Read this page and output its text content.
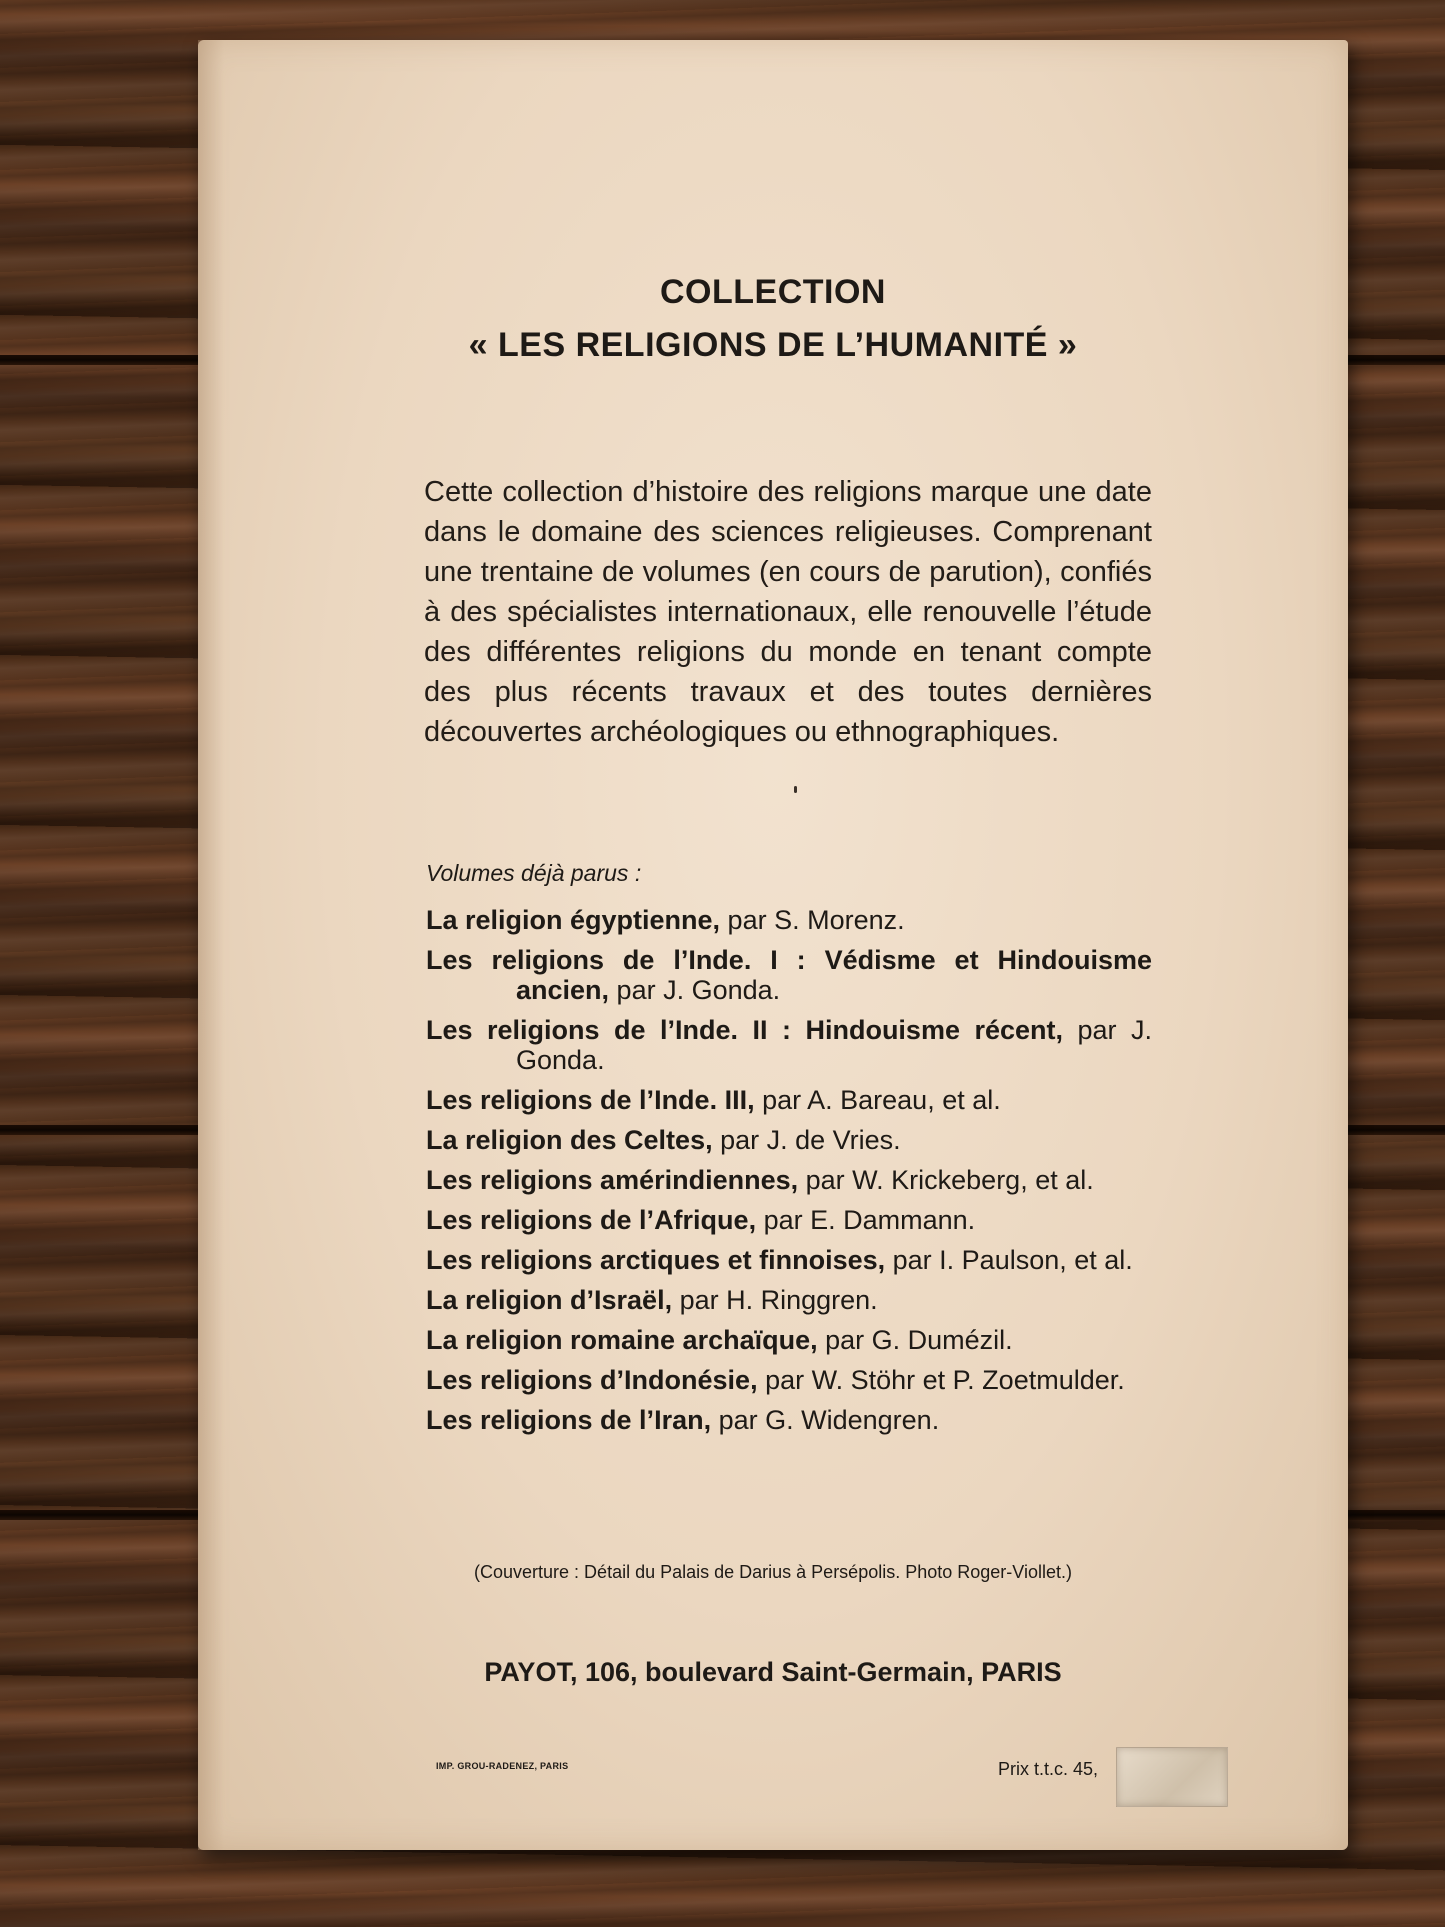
COLLECTION
« LES RELIGIONS DE L’HUMANITÉ »
Cette collection d’histoire des religions marque une date dans le domaine des sciences religieuses. Comprenant une trentaine de volumes (en cours de parution), confiés à des spécialistes internationaux, elle renouvelle l’étude des différentes religions du monde en tenant compte des plus récents travaux et des toutes dernières découvertes archéologiques ou ethnographiques.
Volumes déjà parus :
La religion égyptienne, par S. Morenz.
Les religions de l’Inde. I : Védisme et Hindouisme ancien, par J. Gonda.
Les religions de l’Inde. II : Hindouisme récent, par J. Gonda.
Les religions de l’Inde. III, par A. Bareau, et al.
La religion des Celtes, par J. de Vries.
Les religions amérindiennes, par W. Krickeberg, et al.
Les religions de l’Afrique, par E. Dammann.
Les religions arctiques et finnoises, par I. Paulson, et al.
La religion d’Israël, par H. Ringgren.
La religion romaine archaïque, par G. Dumézil.
Les religions d’Indonésie, par W. Stöhr et P. Zoetmulder.
Les religions de l’Iran, par G. Widengren.
(Couverture : Détail du Palais de Darius à Persépolis. Photo Roger-Viollet.)
PAYOT, 106, boulevard Saint-Germain, PARIS
IMP. GROU-RADENEZ, PARIS	Prix t.t.c. 45,
